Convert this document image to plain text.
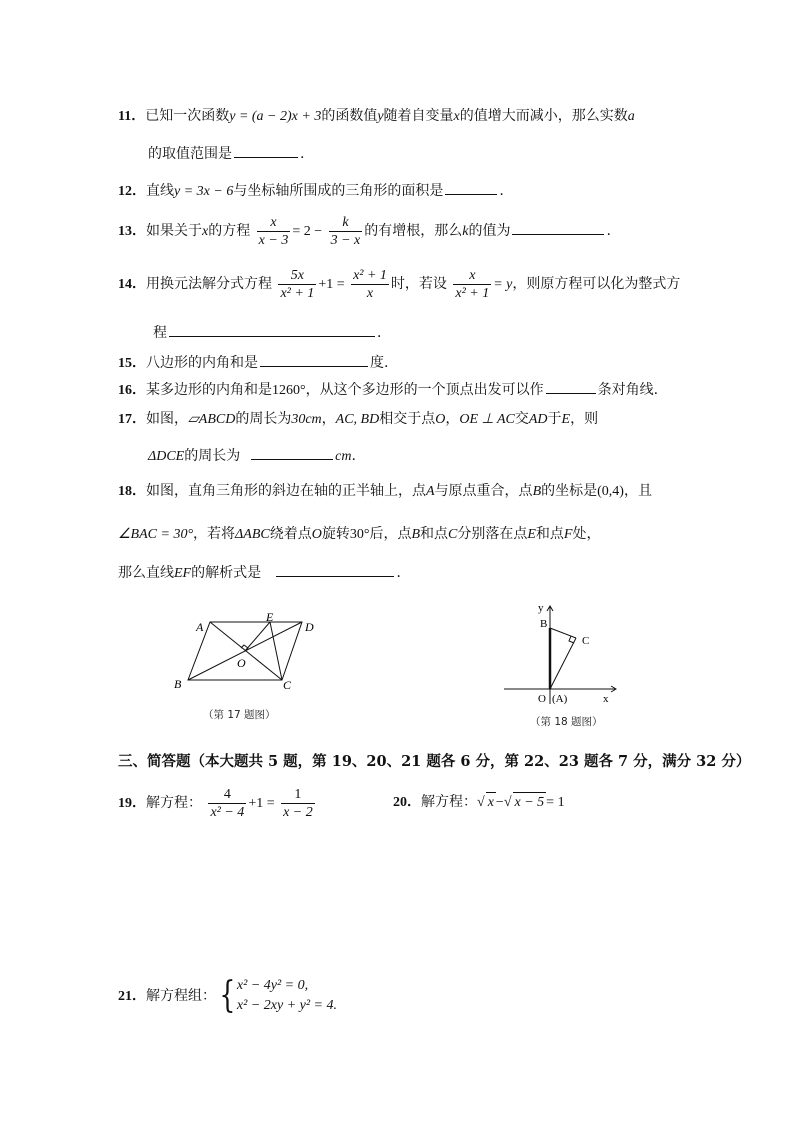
11．已知一次函数y = (a − 2)x + 3的函数值y随着自变量x的值增大而减小，那么实数a
的取值范围是	.
12．直线y = 3x − 6与坐标轴所围成的三角形的面积是	.
13．如果关于x的方程 $\frac{x}{x - 3} = 2 - \frac{k}{3 - x}$ 的有增根，那么k的值为	.
14．用换元法解分式方程 $\frac{5x}{\text{x² + 1}} +1 = \frac{\text{x² + 1}}{x}$ 时，若设 $\frac{x}{\text{x² + 1}} = y$，则原方程可以化为整式方
程	．
15．八边形的内角和是	度.
16．某多边形的内角和是1260°，从这个多边形的一个顶点出发可以作	条对角线.
17．如图，▱ABCD的周长为30cm，AC, BD相交于点O，OE ⊥ AC交AD于E，则
ΔDCE的周长为	cm.
18．如图，直角三角形的斜边在轴的正半轴上，点A与原点重合，点B的坐标是(0,4)，且
∠BAC = 30°，若将ΔABC绕着点O旋转30°后，点B和点C分别落在点E和点F处，
那么直线EF的解析式是	．
A
E
D
O
B	C
（第 17 题图）
y
x
B
C
O (A)
（第 18 题图）
三、简答题（本大题共 5 题，第 19、20、21 题各 6 分，第 22、23 题各 7 分，满分 32 分）
19．解方程： $\frac{4}{\text{x² − 4}} +1 = \frac{1}{x - 2}$	20．解方程：√ x −√ x − 5 = 1
21．解方程组：{ x² − 4y² = 0,
x² − 2xy + y² = 4.
